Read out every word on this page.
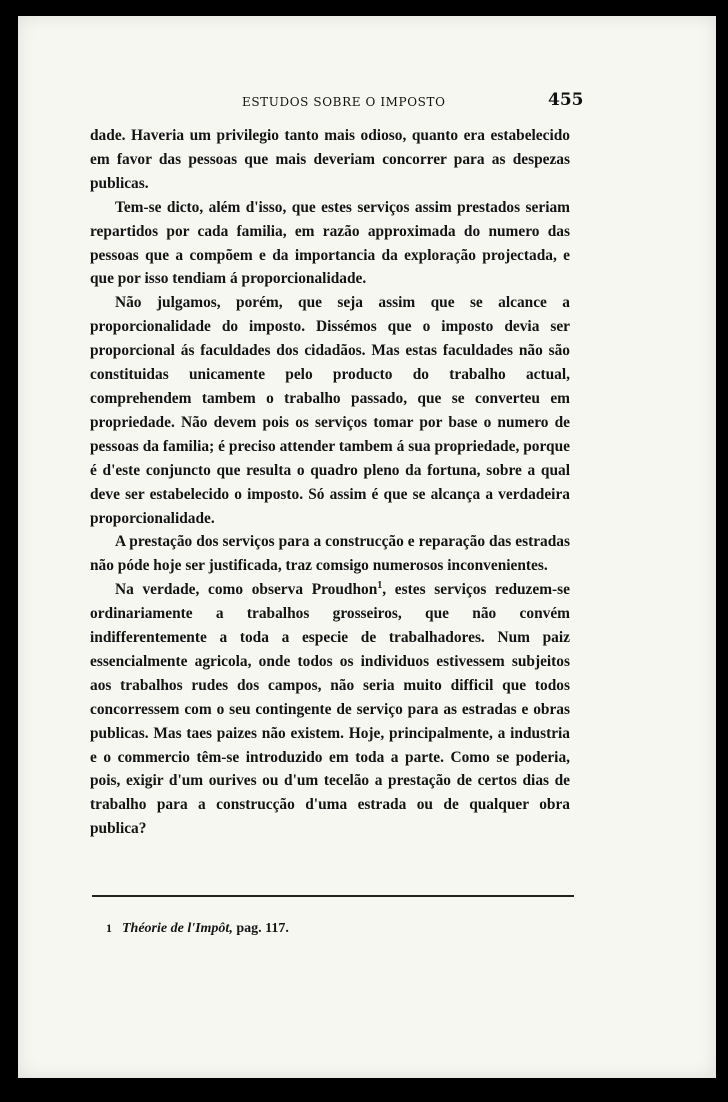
ESTUDOS SOBRE O IMPOSTO	455

dade. Haveria um privilegio tanto mais odioso, quanto era estabelecido em favor das pessoas que mais deveriam concorrer para as despezas publicas.

Tem-se dicto, além d'isso, que estes serviços assim prestados seriam repartidos por cada familia, em razão approximada do numero das pessoas que a compõem e da importancia da exploração projectada, e que por isso tendiam á proporcionalidade.

Não julgamos, porém, que seja assim que se alcance a proporcionalidade do imposto. Dissémos que o imposto devia ser proporcional ás faculdades dos cidadãos. Mas estas faculdades não são constituidas unicamente pelo producto do trabalho actual, comprehendem tambem o trabalho passado, que se converteu em propriedade. Não devem pois os serviços tomar por base o numero de pessoas da familia; é preciso attender tambem á sua propriedade, porque é d'este conjuncto que resulta o quadro pleno da fortuna, sobre a qual deve ser estabelecido o imposto. Só assim é que se alcança a verdadeira proporcionalidade.

A prestação dos serviços para a construcção e reparação das estradas não póde hoje ser justificada, traz comsigo numerosos inconvenientes.

Na verdade, como observa Proudhon$^1$, estes serviços reduzem-se ordinariamente a trabalhos grosseiros, que não convém indifferentemente a toda a especie de trabalhadores. Num paiz essencialmente agricola, onde todos os individuos estivessem subjeitos aos trabalhos rudes dos campos, não seria muito difficil que todos concorressem com o seu contingente de serviço para as estradas e obras publicas. Mas taes paizes não existem. Hoje, principalmente, a industria e o commercio têm-se introduzido em toda a parte. Como se poderia, pois, exigir d'um ourives ou d'um tecelão a prestação de certos dias de trabalho para a construcção d'uma estrada ou de qualquer obra publica?

1 Théorie de l'Impôt, pag. 117.
